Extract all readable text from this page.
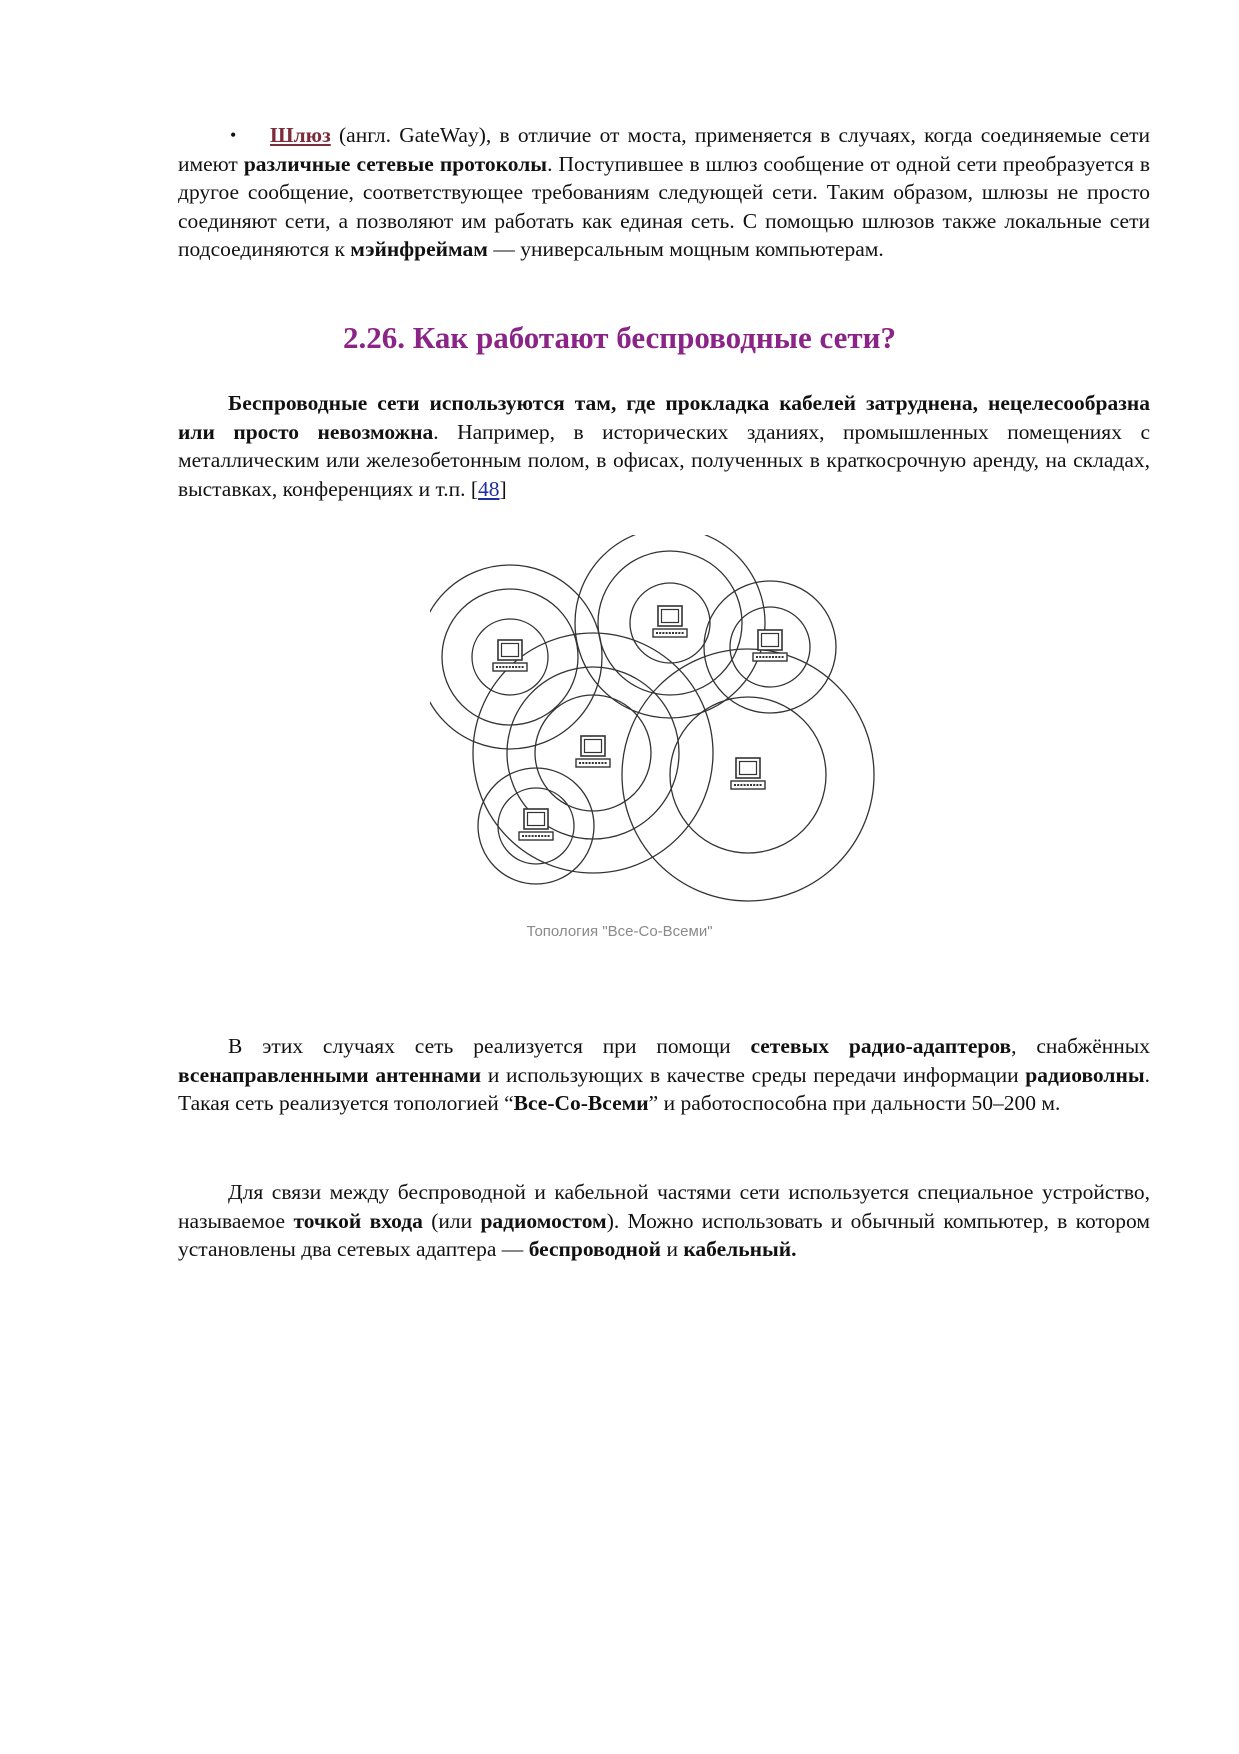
• Шлюз (англ. GateWay), в отличие от моста, применяется в случаях, когда соединяемые сети имеют различные сетевые протоколы. Поступившее в шлюз сообщение от одной сети преобразуется в другое сообщение, соответствующее требованиям следующей сети. Таким образом, шлюзы не просто соединяют сети, а позволяют им работать как единая сеть. С помощью шлюзов также локальные сети подсоединяются к мэйнфреймам — универсальным мощным компьютерам.
2.26. Как работают беспроводные сети?
Беспроводные сети используются там, где прокладка кабелей затруднена, нецелесообразна или просто невозможна. Например, в исторических зданиях, промышленных помещениях с металлическим или железобетонным полом, в офисах, полученных в краткосрочную аренду, на складах, выставках, конференциях и т.п. [48]
Топология "Все-Со-Всеми"
В этих случаях сеть реализуется при помощи сетевых радио-адаптеров, снабжённых всенаправленными антеннами и использующих в качестве среды передачи информации радиоволны. Такая сеть реализуется топологией “Все-Со-Всеми” и работоспособна при дальности 50–200 м.
Для связи между беспроводной и кабельной частями сети используется специальное устройство, называемое точкой входа (или радиомостом). Можно использовать и обычный компьютер, в котором установлены два сетевых адаптера — беспроводной и кабельный.
